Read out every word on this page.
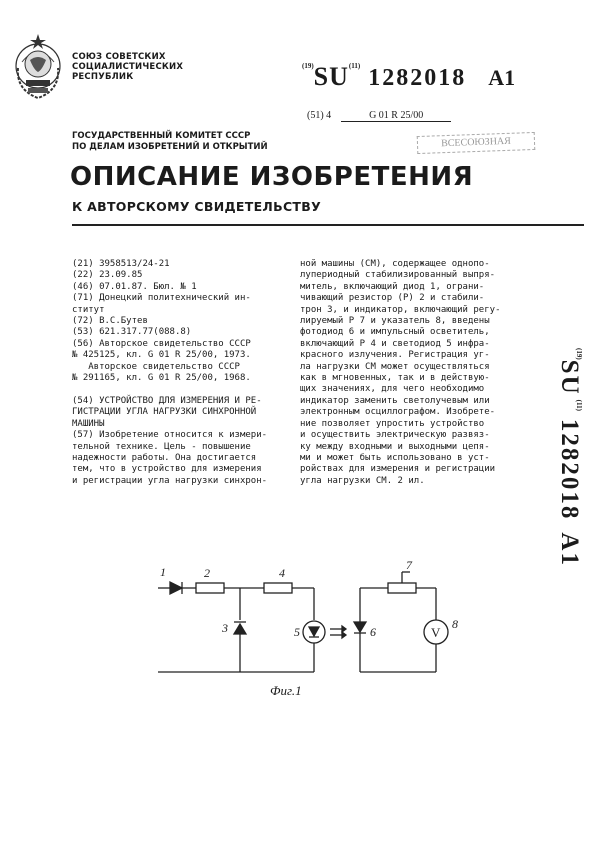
СОЮЗ СОВЕТСКИХ
СОЦИАЛИСТИЧЕСКИХ
РЕСПУБЛИК
$^{(19)}$SU$^{(11)}$ 1282018 A1
(51) 4	G 01 R 25/00
ГОСУДАРСТВЕННЫЙ КОМИТЕТ СССР
ПО ДЕЛАМ ИЗОБРЕТЕНИЙ И ОТКРЫТИЙ	ВСЕСОЮЗНАЯ
ОПИСАНИЕ ИЗОБРЕТЕНИЯ
К АВТОРСКОМУ СВИДЕТЕЛЬСТВУ
(21) 3958513/24-21
(22) 23.09.85
(46) 07.01.87. Бюл. № 1
(71) Донецкий политехнический ин-
ститут
(72) В.С.Бутев
(53) 621.317.77(088.8)
(56) Авторское свидетельство СССР
№ 425125, кл. G 01 R 25/00, 1973.
Авторское свидетельство СССР
№ 291165, кл. G 01 R 25/00, 1968.

(54) УСТРОЙСТВО ДЛЯ ИЗМЕРЕНИЯ И РЕ-
ГИСТРАЦИИ УГЛА НАГРУЗКИ СИНХРОННОЙ
МАШИНЫ
(57) Изобретение относится к измери-
тельной технике. Цель - повышение
надежности работы. Она достигается
тем, что в устройство для измерения
и регистрации угла нагрузки синхрон-
ной машины (СМ), содержащее однопо-
лупериодный стабилизированный выпря-
митель, включающий диод 1, ограни-
чивающий резистор (Р) 2 и стабили-
трон 3, и индикатор, включающий регу-
лируемый Р 7 и указатель 8, введены
фотодиод 6 и импульсный осветитель,
включающий Р 4 и светодиод 5 инфра-
красного излучения. Регистрация уг-
ла нагрузки СМ может осуществляться
как в мгновенных, так и в действую-
щих значениях, для чего необходимо
индикатор заменить светолучевым или
электронным осциллографом. Изобрете-
ние позволяет упростить устройство
и осуществить электрическую развяз-
ку между входными и выходными цепя-
ми и может быть использовано в уст-
ройствах для измерения и регистрации
угла нагрузки СМ. 2 ил.
$^{(19)}$SU $^{(11)}$  1282018   A1
1	2
3
4
5	6
7
8
V
Фиг.1
